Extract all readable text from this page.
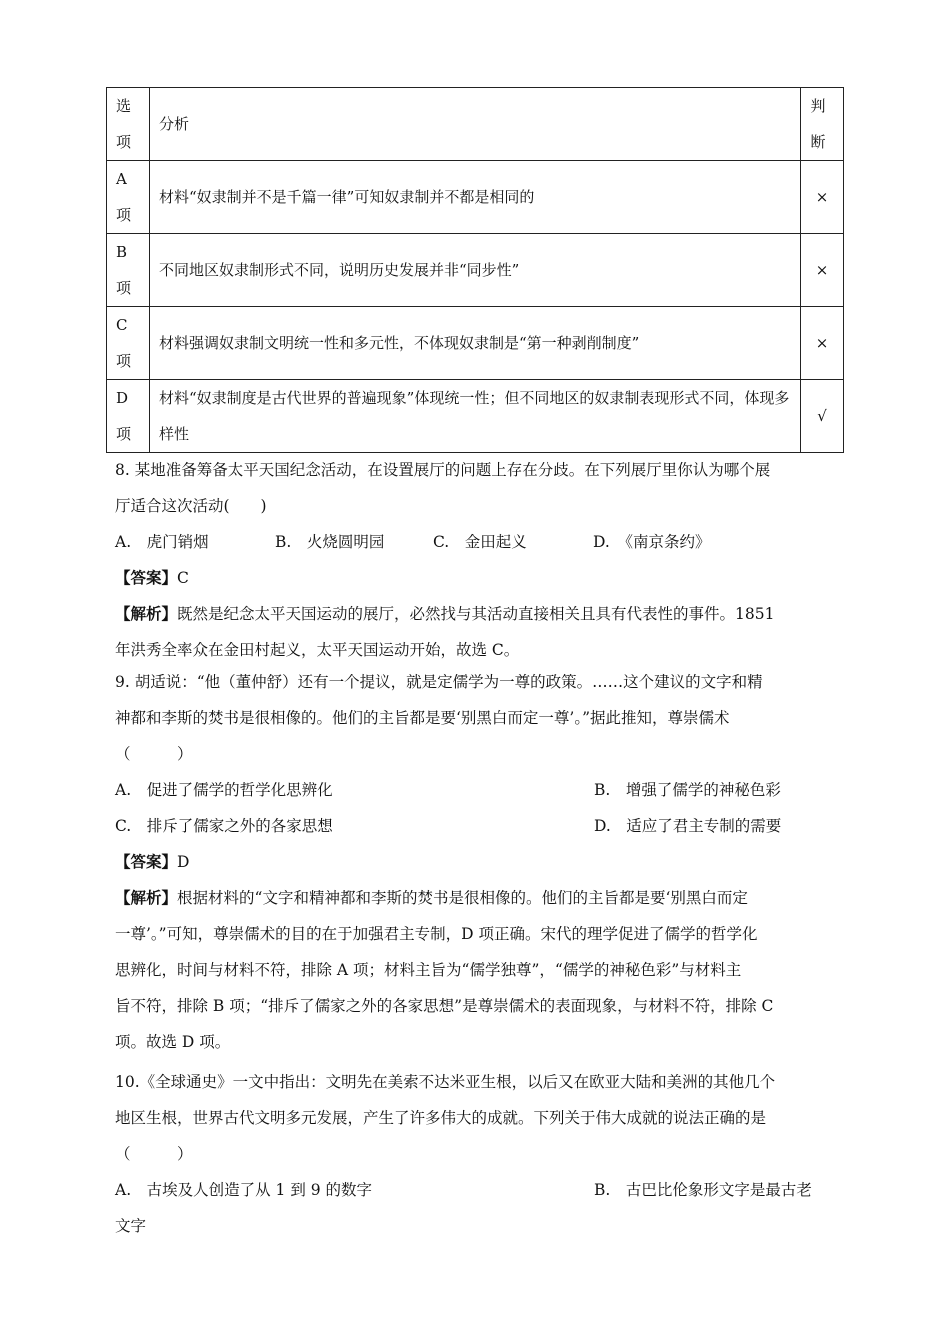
选项	分析	判断

A项	材料“奴隶制并不是千篇一律”可知奴隶制并不都是相同的	×

B项	不同地区奴隶制形式不同，说明历史发展并非“同步性”	×

C项	材料强调奴隶制文明统一性和多元性，不体现奴隶制是“第一种剥削制度”	×

D项	材料“奴隶制度是古代世界的普遍现象”体现统一性；但不同地区的奴隶制表现形式不同，体现多样性	√
8. 某地准备筹备太平天国纪念活动，在设置展厅的问题上存在分歧。在下列展厅里你认为哪个展
厅适合这次活动(　　)
A.　虎门销烟	B.　火烧圆明园	C.　金田起义	D.　《南京条约》
【答案】C
【解析】既然是纪念太平天国运动的展厅，必然找与其活动直接相关且具有代表性的事件。1851
年洪秀全率众在金田村起义，太平天国运动开始，故选 C。
9. 胡适说：“他（董仲舒）还有一个提议，就是定儒学为一尊的政策。……这个建议的文字和精
神都和李斯的焚书是很相像的。他们的主旨都是要‘别黑白而定一尊’。”据此推知，尊崇儒术
（　　　）
A.　促进了儒学的哲学化思辨化	B.　增强了儒学的神秘色彩
C.　排斥了儒家之外的各家思想	D.　适应了君主专制的需要
【答案】D
【解析】根据材料的“文字和精神都和李斯的焚书是很相像的。他们的主旨都是要‘别黑白而定
一尊’。”可知，尊崇儒术的目的在于加强君主专制，D 项正确。宋代的理学促进了儒学的哲学化
思辨化，时间与材料不符，排除 A 项；材料主旨为“儒学独尊”，“儒学的神秘色彩”与材料主
旨不符，排除 B 项；“排斥了儒家之外的各家思想”是尊崇儒术的表面现象，与材料不符，排除 C
项。故选 D 项。
10.《全球通史》一文中指出：文明先在美索不达米亚生根，以后又在欧亚大陆和美洲的其他几个
地区生根，世界古代文明多元发展，产生了许多伟大的成就。下列关于伟大成就的说法正确的是
（　　　）
A.　古埃及人创造了从 1 到 9 的数字	B.　古巴比伦象形文字是最古老
文字
